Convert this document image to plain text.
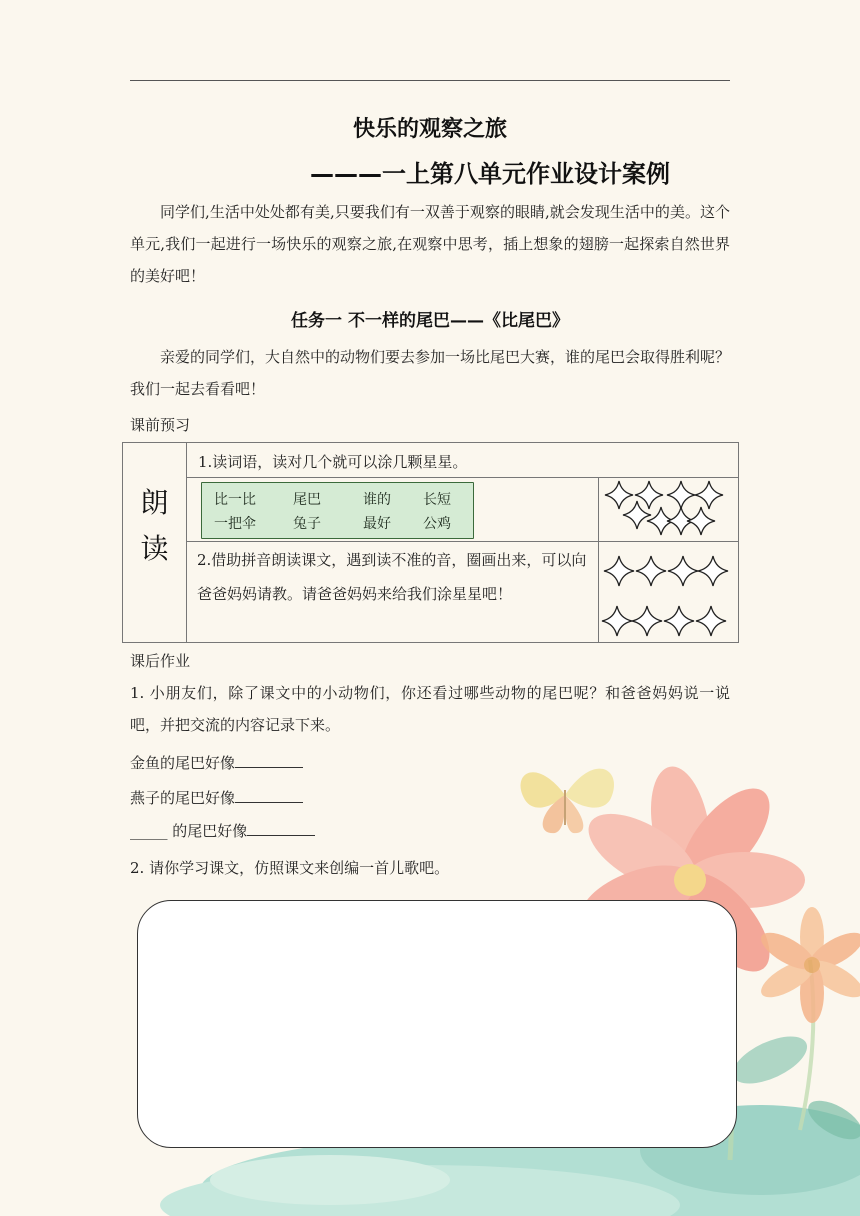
快乐的观察之旅
———一上第八单元作业设计案例
同学们,生活中处处都有美,只要我们有一双善于观察的眼睛,就会发现生活中的美。这个单元,我们一起进行一场快乐的观察之旅,在观察中思考，插上想象的翅膀一起探索自然世界的美好吧！
任务一 不一样的尾巴——《比尾巴》
亲爱的同学们，大自然中的动物们要去参加一场比尾巴大赛，谁的尾巴会取得胜利呢？我们一起去看看吧！
课前预习
朗
读
1.读词语，读对几个就可以涂几颗星星。
比一比	尾巴	谁的 长短
一把伞	兔子	最好 公鸡
2.借助拼音朗读课文，遇到读不准的音，圈画出来，可以向爸爸妈妈请教。请爸爸妈妈来给我们涂星星吧！
课后作业
1. 小朋友们，除了课文中的小动物们，你还看过哪些动物的尾巴呢？和爸爸妈妈说一说吧，并把交流的内容记录下来。
金鱼的尾巴好像
燕子的尾巴好像
_____ 的尾巴好像
2. 请你学习课文，仿照课文来创编一首儿歌吧。
